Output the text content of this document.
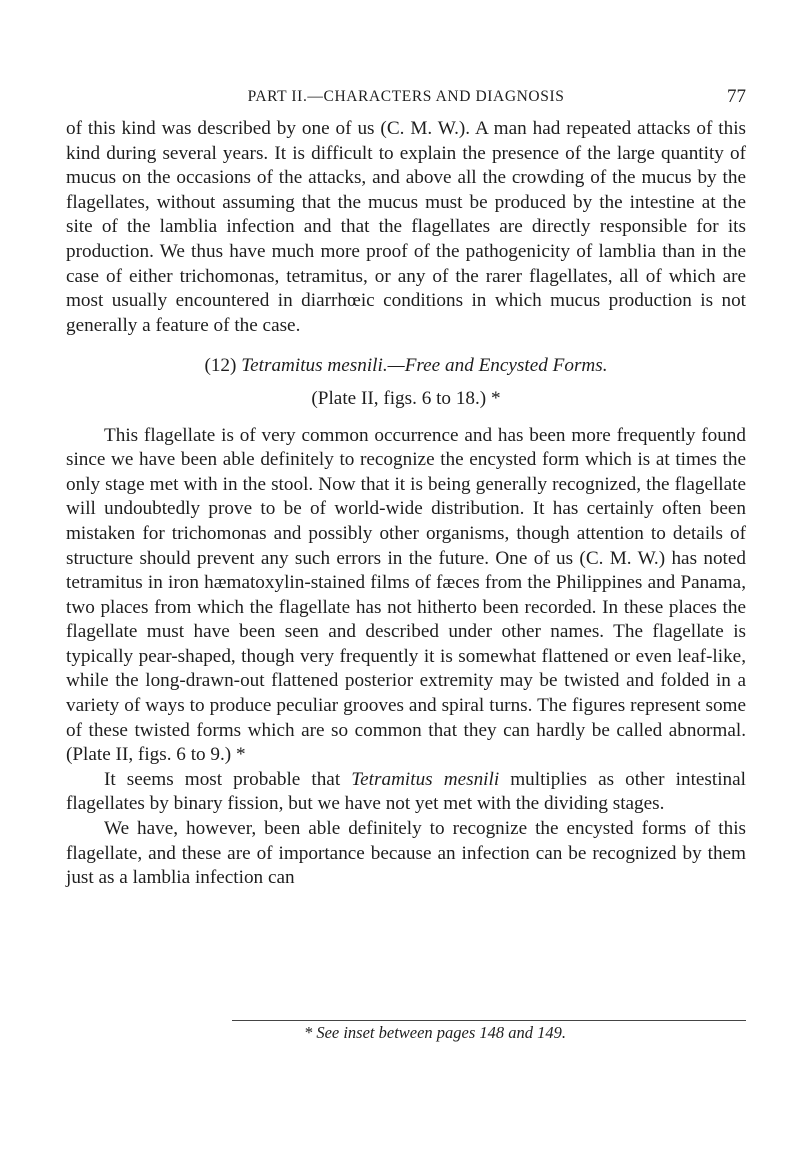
PART II.—CHARACTERS AND DIAGNOSIS	77

of this kind was described by one of us (C. M. W.). A man had repeated attacks of this kind during several years. It is difficult to explain the presence of the large quantity of mucus on the occasions of the attacks, and above all the crowding of the mucus by the flagellates, without assuming that the mucus must be produced by the intestine at the site of the lamblia infection and that the flagellates are directly responsible for its production. We thus have much more proof of the pathogenicity of lamblia than in the case of either trichomonas, tetramitus, or any of the rarer flagellates, all of which are most usually encountered in diarrhœic conditions in which mucus production is not generally a feature of the case.

(12) Tetramitus mesnili.—Free and Encysted Forms.

(Plate II, figs. 6 to 18.) *

This flagellate is of very common occurrence and has been more frequently found since we have been able definitely to recognize the encysted form which is at times the only stage met with in the stool. Now that it is being generally recognized, the flagellate will undoubtedly prove to be of world-wide distribution. It has certainly often been mistaken for trichomonas and possibly other organisms, though attention to details of structure should prevent any such errors in the future. One of us (C. M. W.) has noted tetramitus in iron hæmatoxylin-stained films of fæces from the Philippines and Panama, two places from which the flagellate has not hitherto been recorded. In these places the flagellate must have been seen and described under other names. The flagellate is typically pear-shaped, though very frequently it is somewhat flattened or even leaf-like, while the long-drawn-out flattened posterior extremity may be twisted and folded in a variety of ways to produce peculiar grooves and spiral turns. The figures represent some of these twisted forms which are so common that they can hardly be called abnormal. (Plate II, figs. 6 to 9.) *

It seems most probable that Tetramitus mesnili multiplies as other intestinal flagellates by binary fission, but we have not yet met with the dividing stages.

We have, however, been able definitely to recognize the encysted forms of this flagellate, and these are of importance because an infection can be recognized by them just as a lamblia infection can

* See inset between pages 148 and 149.
